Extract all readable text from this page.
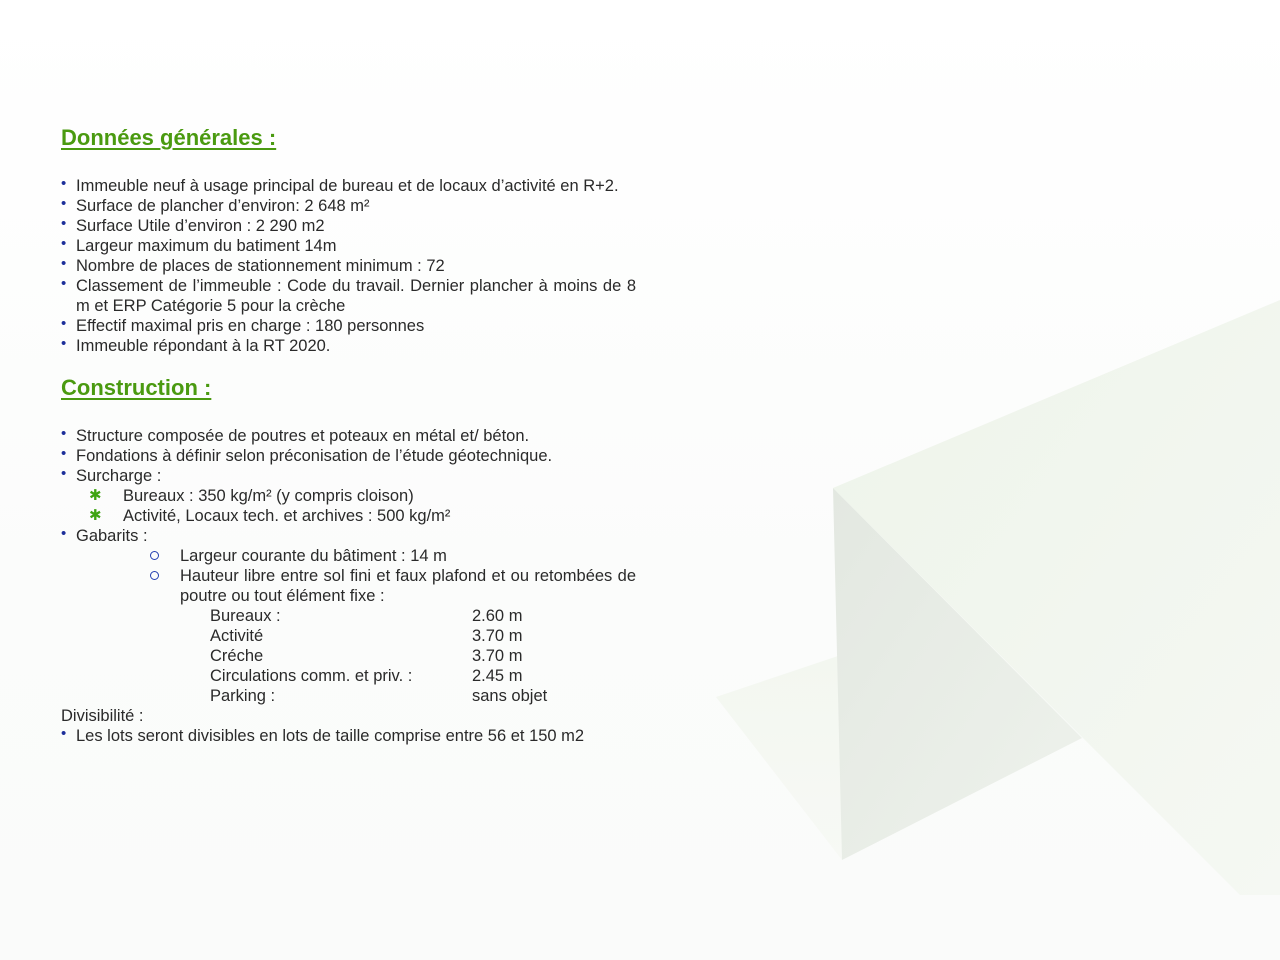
Données générales :
• Immeuble neuf à usage principal de bureau et de locaux d’activité en R+2.
• Surface de plancher d’environ: 2 648 m²
• Surface Utile d’environ : 2 290 m2
• Largeur maximum du batiment 14m
• Nombre de places de stationnement minimum : 72
• Classement de l’immeuble : Code du travail. Dernier plancher à moins de 8 m et ERP Catégorie 5 pour la crèche
• Effectif maximal pris en charge : 180 personnes
• Immeuble répondant à la RT 2020.
Construction :
• Structure composée de poutres et poteaux en métal et/ béton.
• Fondations à définir selon préconisation de l’étude géotechnique.
• Surcharge :
✱ Bureaux : 350 kg/m² (y compris cloison)
✱ Activité, Locaux tech. et archives : 500 kg/m²
• Gabarits :
Largeur courante du bâtiment : 14 m
Hauteur libre entre sol fini et faux plafond et ou retombées de poutre ou tout élément fixe :
Bureaux :	2.60 m
Activité	3.70 m
Créche	3.70 m
Circulations comm. et priv. :	2.45 m
Parking :	sans objet

Divisibilité :

• Les lots seront divisibles en lots de taille comprise entre 56 et 150 m2
